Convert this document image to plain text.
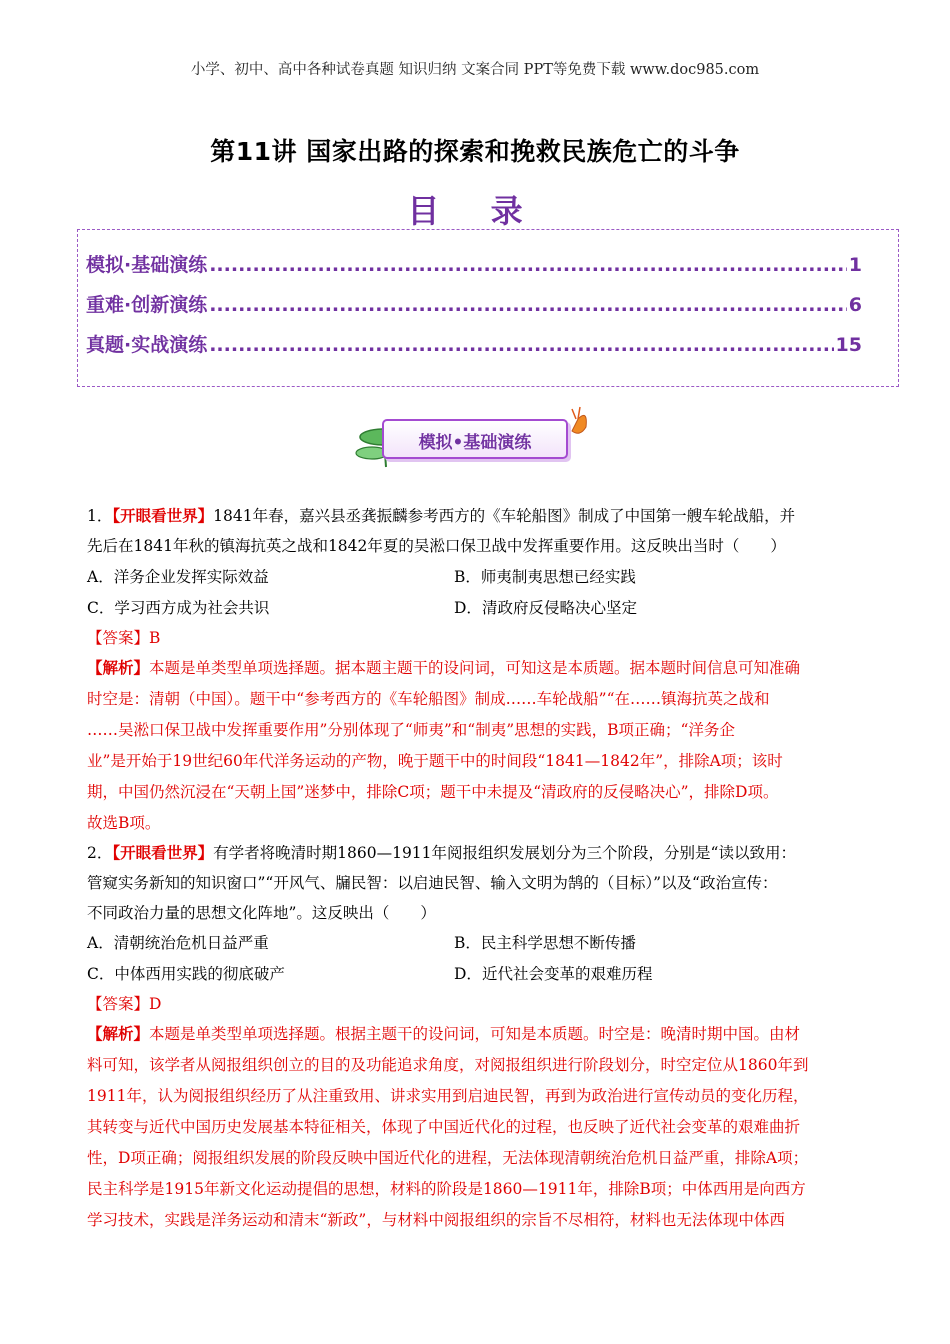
小学、初中、高中各种试卷真题 知识归纳 文案合同 PPT等免费下载 www.doc985.com
第11讲 国家出路的探索和挽救民族危亡的斗争
目 录
模拟·基础演练 .....	1
重难·创新演练 .....	6
真题·实战演练 .....	15
模拟•基础演练
1．【开眼看世界】1841年春，嘉兴县丞龚振麟参考西方的《车轮船图》制成了中国第一艘车轮战船，并
先后在1841年秋的镇海抗英之战和1842年夏的吴淞口保卫战中发挥重要作用。这反映出当时（　　）
A．洋务企业发挥实际效益	B．师夷制夷思想已经实践
C．学习西方成为社会共识	D．清政府反侵略决心坚定
【答案】B
【解析】本题是单类型单项选择题。据本题主题干的设问词，可知这是本质题。据本题时间信息可知准确
时空是：清朝（中国）。题干中“参考西方的《车轮船图》制成……车轮战船”“在……镇海抗英之战和
……吴淞口保卫战中发挥重要作用”分别体现了“师夷”和“制夷”思想的实践，B项正确；“洋务企
业”是开始于19世纪60年代洋务运动的产物，晚于题干中的时间段“1841—1842年”，排除A项；该时
期，中国仍然沉浸在“天朝上国”迷梦中，排除C项；题干中未提及“清政府的反侵略决心”，排除D项。
故选B项。
2．【开眼看世界】有学者将晚清时期1860—1911年阅报组织发展划分为三个阶段，分别是“读以致用：
管窥实务新知的知识窗口”“开风气、牖民智：以启迪民智、输入文明为鹄的（目标）”以及“政治宣传：
不同政治力量的思想文化阵地”。这反映出（　　）
A．清朝统治危机日益严重	B．民主科学思想不断传播
C．中体西用实践的彻底破产	D．近代社会变革的艰难历程
【答案】D
【解析】本题是单类型单项选择题。根据主题干的设问词，可知是本质题。时空是：晚清时期中国。由材
料可知，该学者从阅报组织创立的目的及功能追求角度，对阅报组织进行阶段划分，时空定位从1860年到
1911年，认为阅报组织经历了从注重致用、讲求实用到启迪民智，再到为政治进行宣传动员的变化历程，
其转变与近代中国历史发展基本特征相关，体现了中国近代化的过程，也反映了近代社会变革的艰难曲折
性，D项正确；阅报组织发展的阶段反映中国近代化的进程，无法体现清朝统治危机日益严重，排除A项；
民主科学是1915年新文化运动提倡的思想，材料的阶段是1860—1911年，排除B项；中体西用是向西方
学习技术，实践是洋务运动和清末“新政”，与材料中阅报组织的宗旨不尽相符，材料也无法体现中体西
